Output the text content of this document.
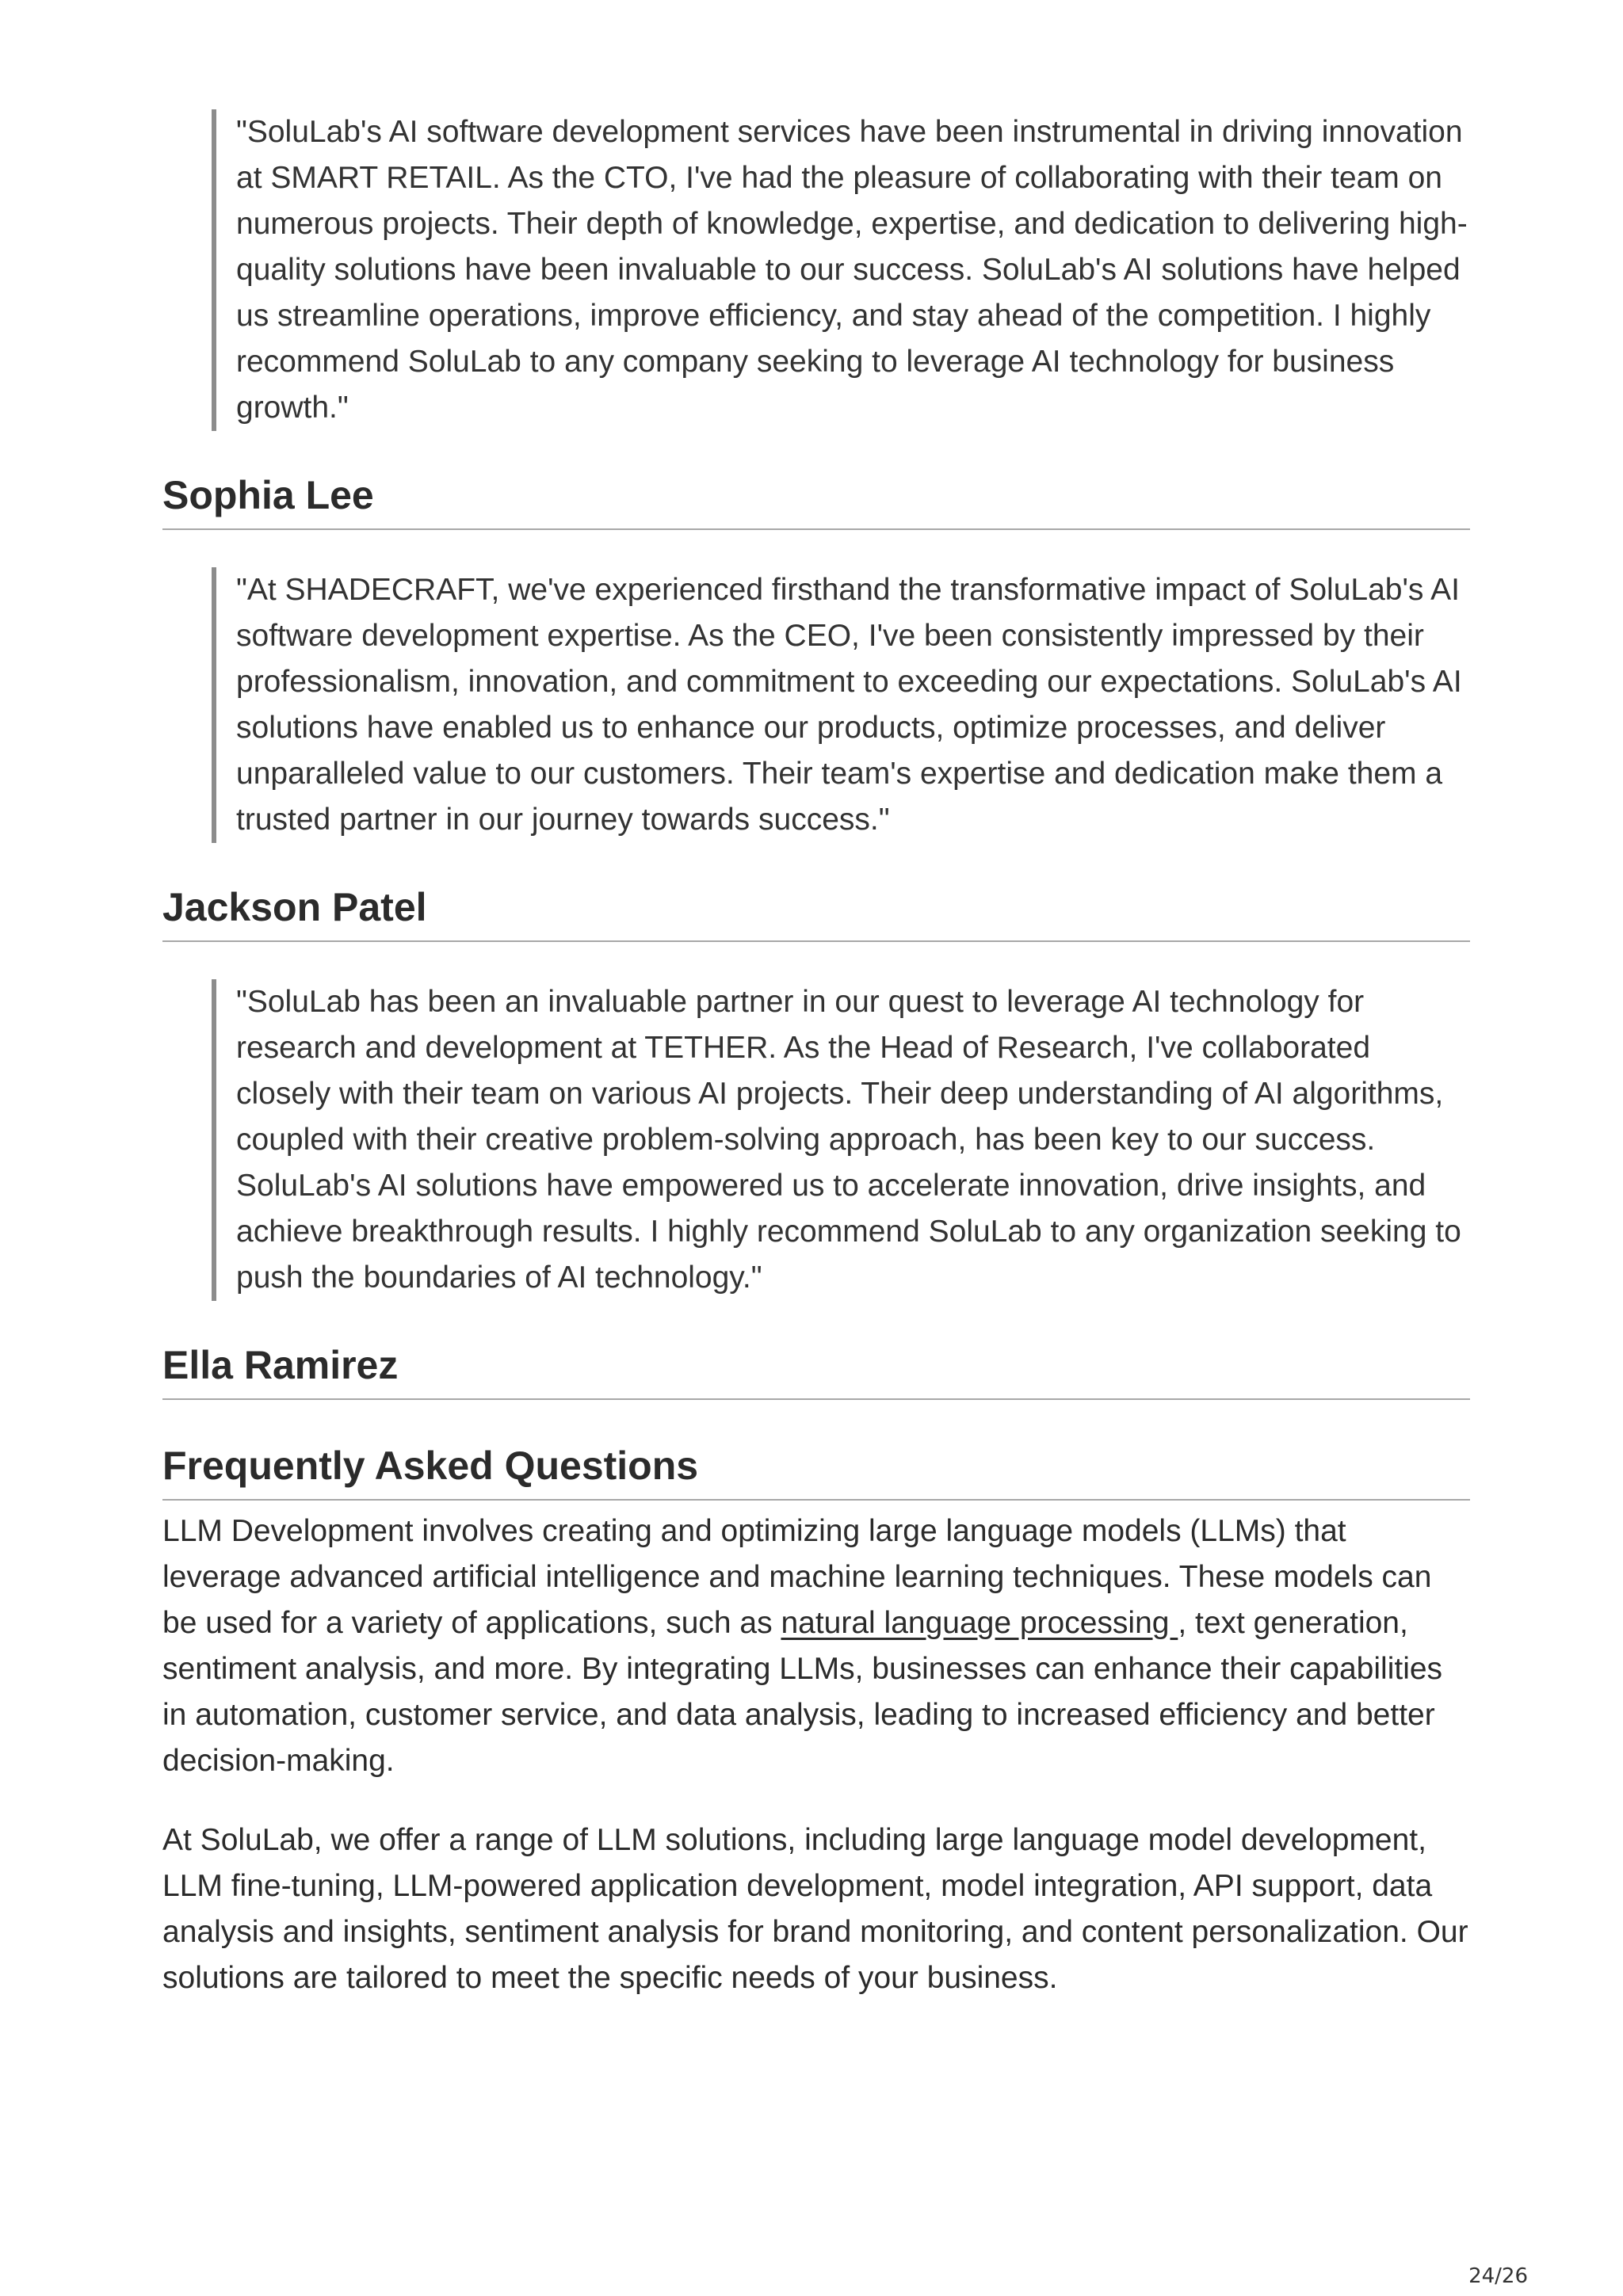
"SoluLab's AI software development services have been instrumental in driving innovation at SMART RETAIL. As the CTO, I've had the pleasure of collaborating with their team on numerous projects. Their depth of knowledge, expertise, and dedication to delivering high-quality solutions have been invaluable to our success. SoluLab's AI solutions have helped us streamline operations, improve efficiency, and stay ahead of the competition. I highly recommend SoluLab to any company seeking to leverage AI technology for business growth."
Sophia Lee
"At SHADECRAFT, we've experienced firsthand the transformative impact of SoluLab's AI software development expertise. As the CEO, I've been consistently impressed by their professionalism, innovation, and commitment to exceeding our expectations. SoluLab's AI solutions have enabled us to enhance our products, optimize processes, and deliver unparalleled value to our customers. Their team's expertise and dedication make them a trusted partner in our journey towards success."
Jackson Patel
"SoluLab has been an invaluable partner in our quest to leverage AI technology for research and development at TETHER. As the Head of Research, I've collaborated closely with their team on various AI projects. Their deep understanding of AI algorithms, coupled with their creative problem-solving approach, has been key to our success. SoluLab's AI solutions have empowered us to accelerate innovation, drive insights, and achieve breakthrough results. I highly recommend SoluLab to any organization seeking to push the boundaries of AI technology."
Ella Ramirez
Frequently Asked Questions

LLM Development involves creating and optimizing large language models (LLMs) that leverage advanced artificial intelligence and machine learning techniques. These models can be used for a variety of applications, such as natural language processing , text generation, sentiment analysis, and more. By integrating LLMs, businesses can enhance their capabilities in automation, customer service, and data analysis, leading to increased efficiency and better decision-making.

At SoluLab, we offer a range of LLM solutions, including large language model development, LLM fine-tuning, LLM-powered application development, model integration, API support, data analysis and insights, sentiment analysis for brand monitoring, and content personalization. Our solutions are tailored to meet the specific needs of your business.

24/26
